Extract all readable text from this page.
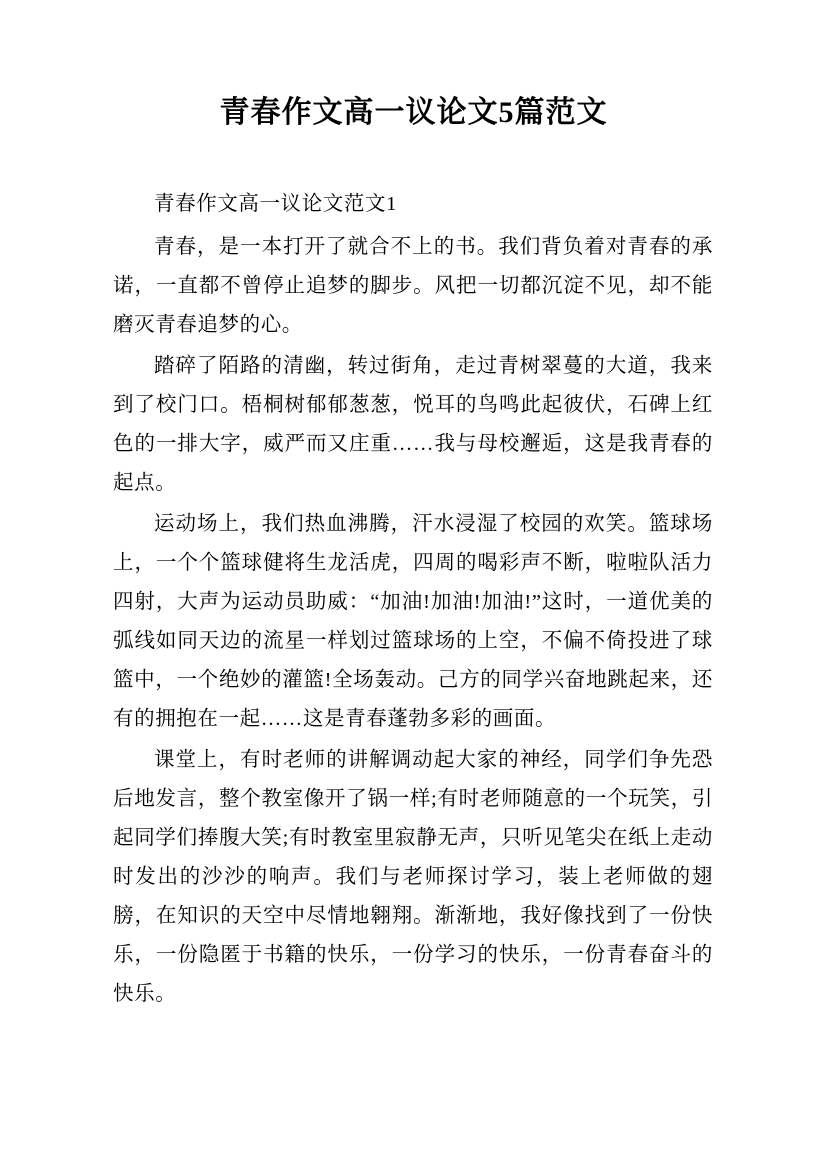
青春作文高一议论文5篇范文

青春作文高一议论文范文1

青春，是一本打开了就合不上的书。我们背负着对青春的承诺，一直都不曾停止追梦的脚步。风把一切都沉淀不见，却不能磨灭青春追梦的心。

踏碎了陌路的清幽，转过街角，走过青树翠蔓的大道，我来到了校门口。梧桐树郁郁葱葱，悦耳的鸟鸣此起彼伏，石碑上红色的一排大字，威严而又庄重……我与母校邂逅，这是我青春的起点。

运动场上，我们热血沸腾，汗水浸湿了校园的欢笑。篮球场上，一个个篮球健将生龙活虎，四周的喝彩声不断，啦啦队活力四射，大声为运动员助威：“加油!加油!加油!”这时，一道优美的弧线如同天边的流星一样划过篮球场的上空，不偏不倚投进了球篮中，一个绝妙的灌篮!全场轰动。己方的同学兴奋地跳起来，还有的拥抱在一起……这是青春蓬勃多彩的画面。

课堂上，有时老师的讲解调动起大家的神经，同学们争先恐后地发言，整个教室像开了锅一样;有时老师随意的一个玩笑，引起同学们捧腹大笑;有时教室里寂静无声，只听见笔尖在纸上走动时发出的沙沙的响声。我们与老师探讨学习，装上老师做的翅膀，在知识的天空中尽情地翱翔。渐渐地，我好像找到了一份快乐，一份隐匿于书籍的快乐，一份学习的快乐，一份青春奋斗的快乐。
